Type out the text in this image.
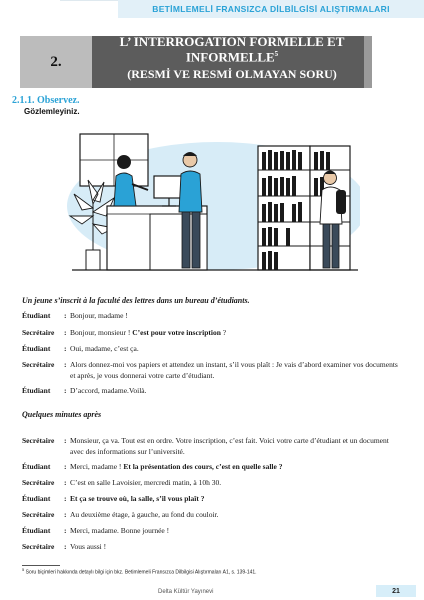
BETİMLEMELİ FRANSIZCA DİLBİLGİSİ ALIŞTIRMALARI
2.
L’ INTERROGATION FORMELLE ET INFORMELLE$^5$
(RESMİ VE RESMİ OLMAYAN SORU)
2.1.1. Observez.
Gözlemleyiniz.
Un jeune s’inscrit à la faculté des lettres dans un bureau d’étudiants.
Étudiant	: Bonjour, madame !
Secrétaire	: Bonjour, monsieur ! C’est pour votre inscription ?
Étudiant	: Oui, madame, c’est ça.
Secrétaire	: Alors donnez-moi vos papiers et attendez un instant, s’il vous plaît : Je vais d’abord examiner vos documents et après, je vous donnerai votre carte d’étudiant.
Étudiant	: D’accord, madame.Voilà.
Quelques minutes après
Secrétaire	: Monsieur, ça va. Tout est en ordre. Votre inscription, c’est fait. Voici votre carte d’étudiant et un document avec des informations sur l’université.
Étudiant	: Merci, madame ! Et la présentation des cours, c’est en quelle salle ?
Secrétaire	: C’est en salle Lavoisier, mercredi matin, à 10h 30.
Étudiant	: Et ça se trouve où, la salle, s’il vous plaît ?
Secrétaire	: Au deuxième étage, à gauche, au fond du couloir.
Étudiant	: Merci, madame. Bonne journée !
Secrétaire	: Vous aussi !
$^5$ Soru biçimleri hakkında detaylı bilgi için bkz. Betimlemeli Fransızca Dilbilgisi Alıştırmaları A1, s. 139-141.
Delta Kültür Yayınevi	21
